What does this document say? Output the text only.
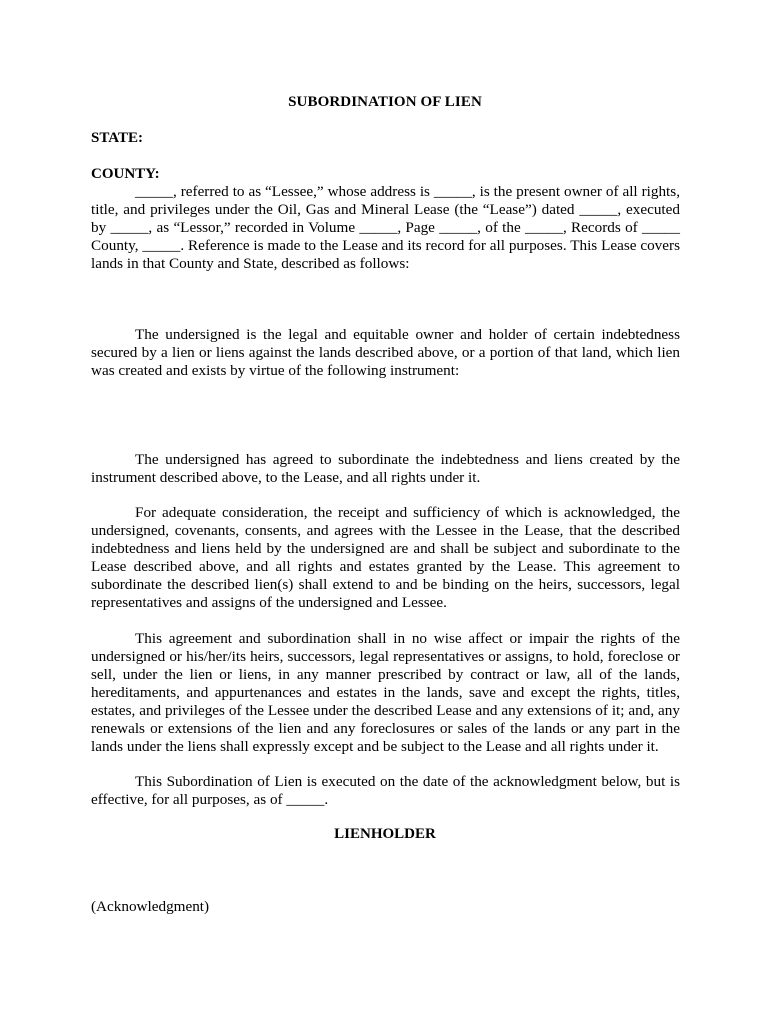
SUBORDINATION OF LIEN
STATE:
COUNTY:

_____, referred to as “Lessee,” whose address is _____, is the present owner of all rights, title, and privileges under the Oil, Gas and Mineral Lease (the “Lease”) dated _____, executed by _____, as “Lessor,” recorded in Volume _____, Page _____, of the _____, Records of _____ County, _____. Reference is made to the Lease and its record for all purposes. This Lease covers lands in that County and State, described as follows:

The undersigned is the legal and equitable owner and holder of certain indebtedness secured by a lien or liens against the lands described above, or a portion of that land, which lien was created and exists by virtue of the following instrument:

The undersigned has agreed to subordinate the indebtedness and liens created by the instrument described above, to the Lease, and all rights under it.

For adequate consideration, the receipt and sufficiency of which is acknowledged, the undersigned, covenants, consents, and agrees with the Lessee in the Lease, that the described indebtedness and liens held by the undersigned are and shall be subject and subordinate to the Lease described above, and all rights and estates granted by the Lease. This agreement to subordinate the described lien(s) shall extend to and be binding on the heirs, successors, legal representatives and assigns of the undersigned and Lessee.

This agreement and subordination shall in no wise affect or impair the rights of the undersigned or his/her/its heirs, successors, legal representatives or assigns, to hold, foreclose or sell, under the lien or liens, in any manner prescribed by contract or law, all of the lands, hereditaments, and appurtenances and estates in the lands, save and except the rights, titles, estates, and privileges of the Lessee under the described Lease and any extensions of it; and, any renewals or extensions of the lien and any foreclosures or sales of the lands or any part in the lands under the liens shall expressly except and be subject to the Lease and all rights under it.

This Subordination of Lien is executed on the date of the acknowledgment below, but is effective, for all purposes, as of _____.

LIENHOLDER
(Acknowledgment)
